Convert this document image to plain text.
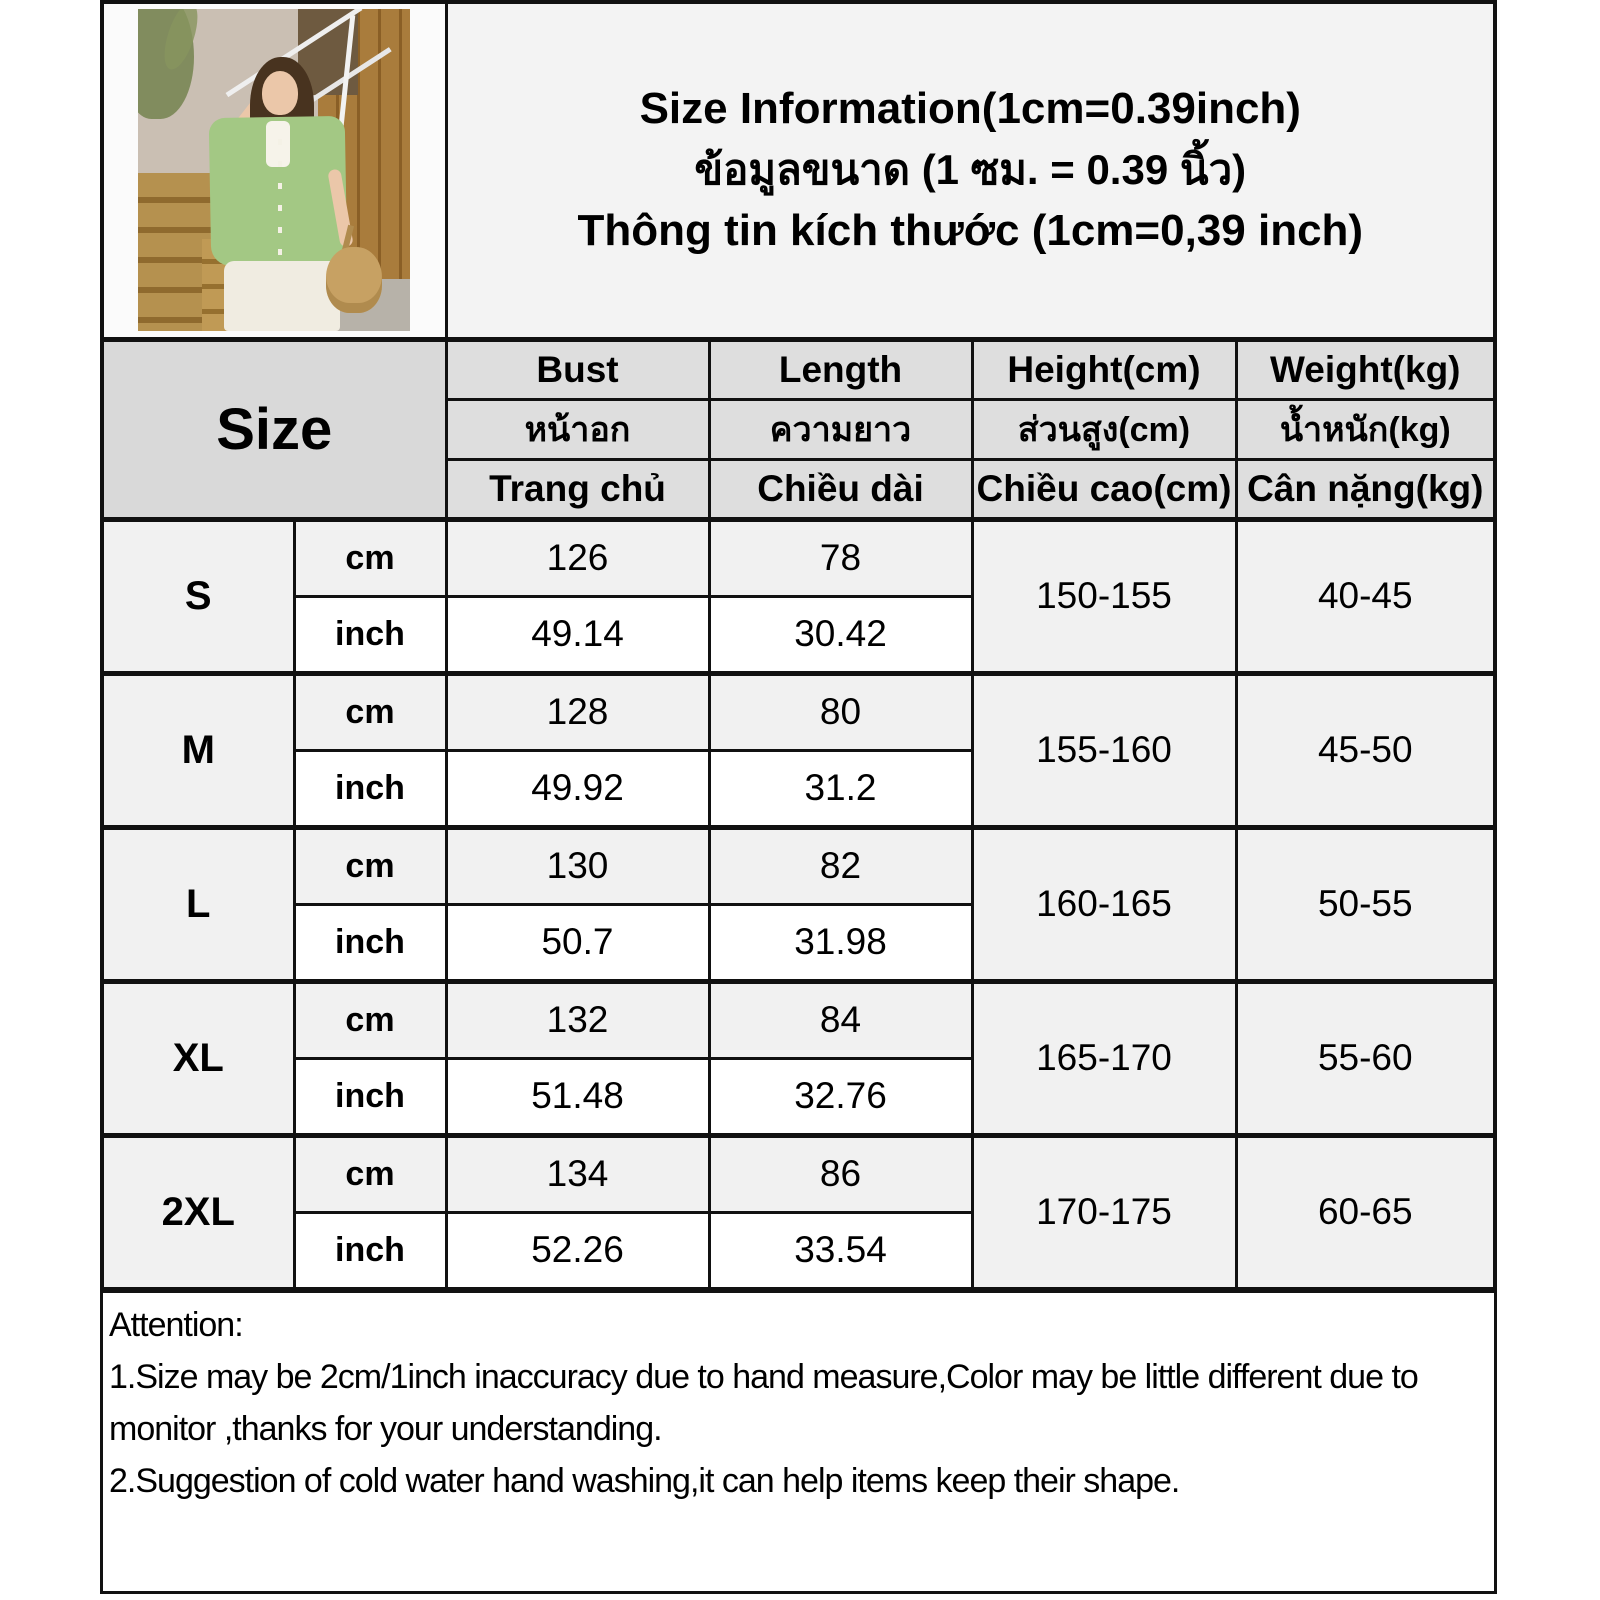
		Size Information(1cm=0.39inch)
ข้อมูลขนาด (1 ซม. = 0.39 นิ้ว)
Thông tin kích thước (1cm=0,39 inch)			

Size		Bust	Length	Height(cm)	Weight(kg)
		หน้าอก	ความยาว	ส่วนสูง(cm)	น้ำหนัก(kg)
		Trang chủ	Chiều dài	Chiều cao(cm)	Cân nặng(kg)
S	cm	126	78	150-155	40-45
	inch	49.14	30.42		
M	cm	128	80	155-160	45-50
	inch	49.92	31.2		
L	cm	130	82	160-165	50-55
	inch	50.7	31.98		
XL	cm	132	84	165-170	55-60
	inch	51.48	32.76		
2XL	cm	134	86	170-175	60-65
	inch	52.26	33.54		

Attention:

1.Size may be 2cm/1inch inaccuracy due to hand measure,Color may be little different due to monitor ,thanks for your understanding.

2.Suggestion of cold water hand washing,it can help items keep their shape.
